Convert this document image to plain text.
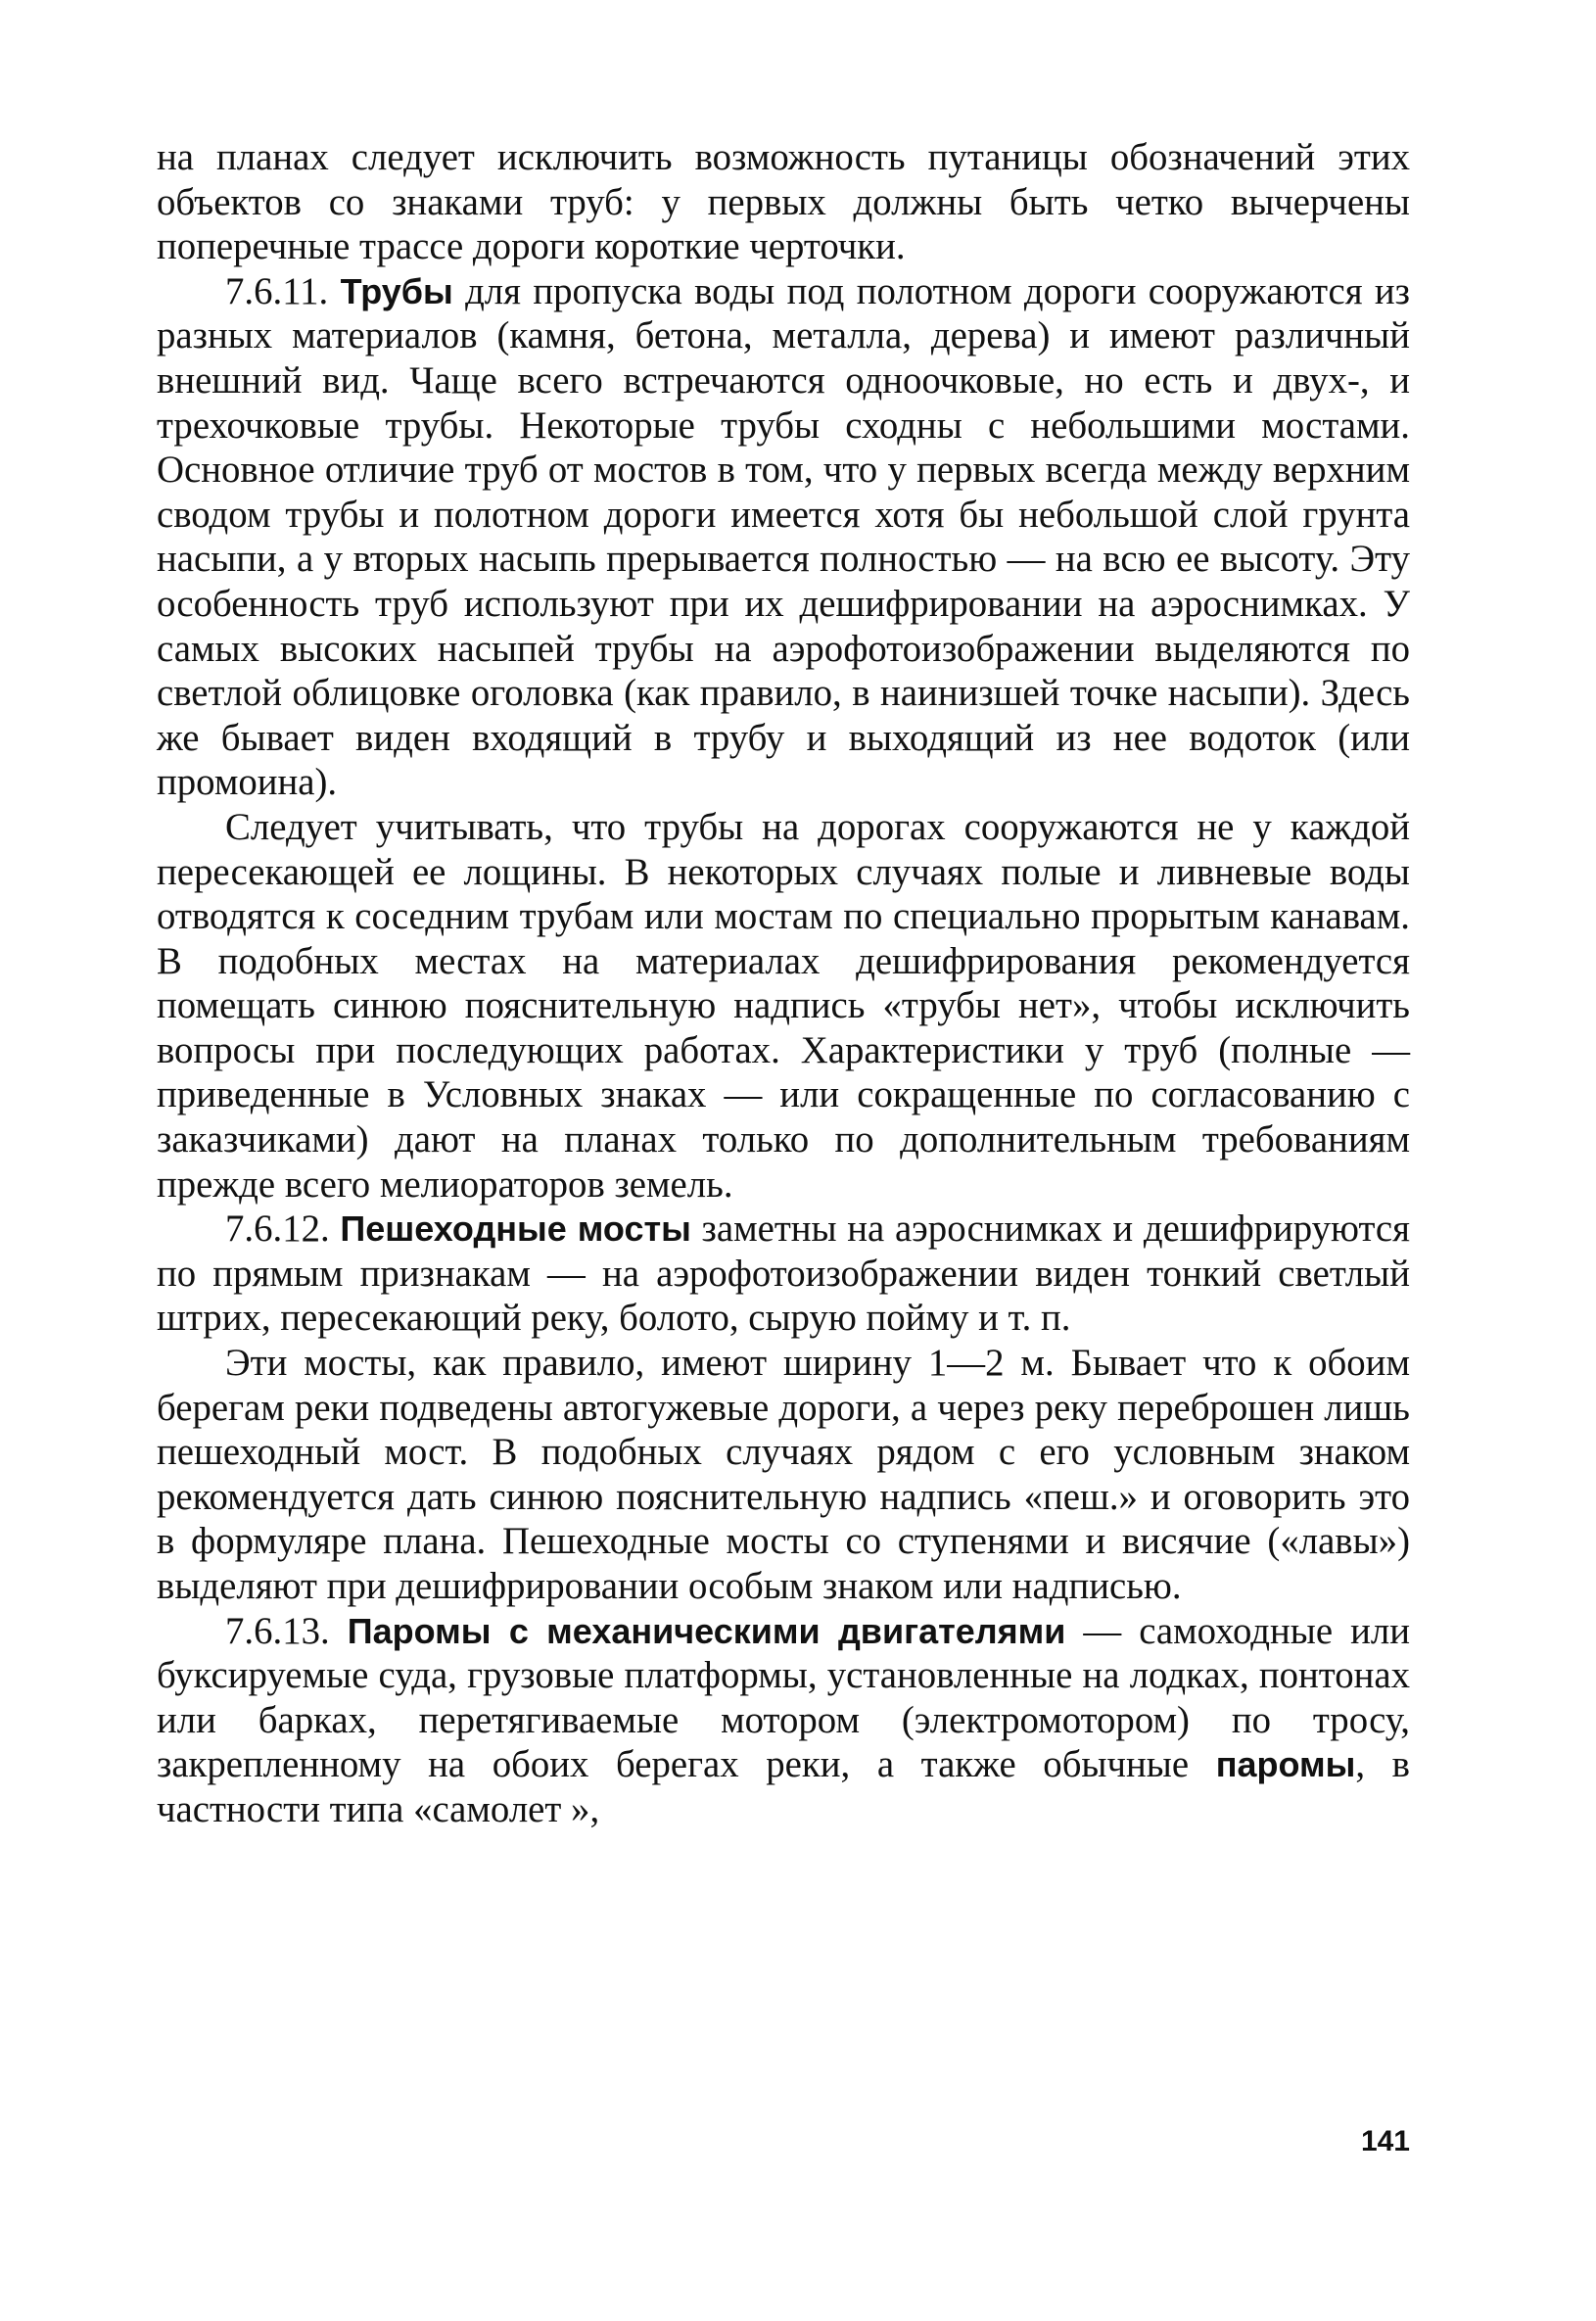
на планах следует исключить возможность путаницы обозначений этих объектов со знаками труб: у первых должны быть четко вычерчены поперечные трассе дороги короткие черточки.

7.6.11. Трубы для пропуска воды под полотном дороги сооружаются из разных материалов (камня, бетона, металла, дерева) и имеют различный внешний вид. Чаще всего встречаются одноочковые, но есть и двух-, и трехочковые трубы. Некоторые трубы сходны с небольшими мостами. Основное отличие труб от мостов в том, что у первых всегда между верхним сводом трубы и полотном дороги имеется хотя бы небольшой слой грунта насыпи, а у вторых насыпь прерывается полностью — на всю ее высоту. Эту особенность труб используют при их дешифрировании на аэроснимках. У самых высоких насыпей трубы на аэрофотоизображении выделяются по светлой облицовке оголовка (как правило, в наинизшей точке насыпи). Здесь же бывает виден входящий в трубу и выходящий из нее водоток (или промоина).

Следует учитывать, что трубы на дорогах сооружаются не у каждой пересекающей ее лощины. В некоторых случаях полые и ливневые воды отводятся к соседним трубам или мостам по специально прорытым канавам. В подобных местах на материалах дешифрирования рекомендуется помещать синюю пояснительную надпись «трубы нет», чтобы исключить вопросы при последующих работах. Характеристики у труб (полные — приведенные в Условных знаках — или сокращенные по согласованию с заказчиками) дают на планах только по дополнительным требованиям прежде всего мелиораторов земель.

7.6.12. Пешеходные мосты заметны на аэроснимках и дешифрируются по прямым признакам — на аэрофотоизображении виден тонкий светлый штрих, пересекающий реку, болото, сырую пойму и т. п.

Эти мосты, как правило, имеют ширину 1—2 м. Бывает что к обоим берегам реки подведены автогужевые дороги, а через реку переброшен лишь пешеходный мост. В подобных случаях рядом с его условным знаком рекомендуется дать синюю пояснительную надпись «пеш.» и оговорить это в формуляре плана. Пешеходные мосты со ступенями и висячие («лавы») выделяют при дешифрировании особым знаком или надписью.

7.6.13. Паромы с механическими двигателями — самоходные или буксируемые суда, грузовые платформы, установленные на лодках, понтонах или барках, перетягиваемые мотором (электромотором) по тросу, закрепленному на обоих берегах реки, а также обычные паромы, в частности типа «самолет »,

141
